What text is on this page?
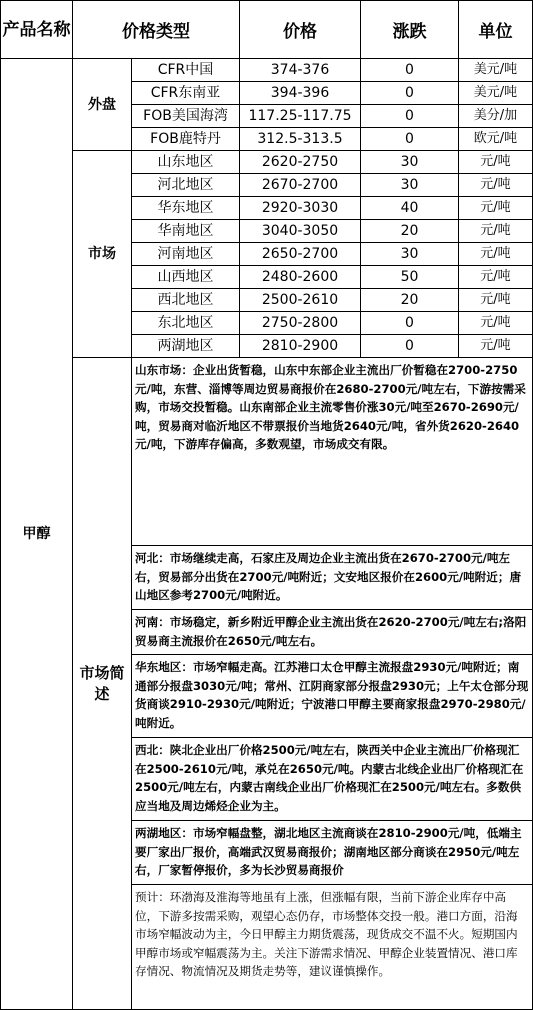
产品名称	价格类型		价格	涨跌	单位
甲醇	外盘	CFR中国	374-376	0	美元/吨
		CFR东南亚	394-396	0	美元/吨
		FOB美国海湾	117.25-117.75	0	美分/加
		FOB鹿特丹	312.5-313.5	0	欧元/吨
	市场	山东地区	2620-2750	30	元/吨
		河北地区	2670-2700	30	元/吨
		华东地区	2920-3030	40	元/吨
		华南地区	3040-3050	20	元/吨
		河南地区	2650-2700	30	元/吨
		山西地区	2480-2600	50	元/吨
		西北地区	2500-2610	20	元/吨
		东北地区	2750-2800	0	元/吨
		两湖地区	2810-2900	0	元/吨
	市场简述	山东市场：企业出货暂稳，山东中东部企业主流出厂价暂稳在2700-2750元/吨，东营、淄博等周边贸易商报价在2680-2700元/吨左右，下游按需采购，市场交投暂稳。山东南部企业主流零售价涨30元/吨至2670-2690元/吨，贸易商对临沂地区不带票报价当地货2640元/吨，省外货2620-2640元/吨，下游库存偏高，多数观望，市场成交有限。			
		河北：市场继续走高，石家庄及周边企业主流出货在2670-2700元/吨左右，贸易部分出货在2700元/吨附近；文安地区报价在2600元/吨附近；唐山地区参考2700元/吨附近。			
		河南：市场稳定，新乡附近甲醇企业主流出货在2620-2700元/吨左右;洛阳贸易商主流报价在2650元/吨左右。			
		华东地区：市场窄幅走高。江苏港口太仓甲醇主流报盘2930元/吨附近；南通部分报盘3030元/吨；常州、江阴商家部分报盘2930元；上午太仓部分现货商谈2910-2930元/吨附近；宁波港口甲醇主要商家报盘2970-2980元/吨附近。			
		西北：陕北企业出厂价格2500元/吨左右，陕西关中企业主流出厂价格现汇在2500-2610元/吨，承兑在2650元/吨。内蒙古北线企业出厂价格现汇在2500元/吨左右，内蒙古南线企业出厂价格现汇在2500元/吨左右。多数供应当地及周边烯烃企业为主。			
		两湖地区：市场窄幅盘整，湖北地区主流商谈在2810-2900元/吨，低端主要厂家出厂报价，高端武汉贸易商报价；湖南地区部分商谈在2950元/吨左右，厂家暂停报价，多为长沙贸易商报价			
		预计：环渤海及淮海等地虽有上涨，但涨幅有限，当前下游企业库存中高位，下游多按需采购，观望心态仍存，市场整体交投一般。港口方面，沿海市场窄幅波动为主，今日甲醇主力期货震荡，现货成交不温不火。短期国内甲醇市场或窄幅震荡为主。关注下游需求情况、甲醇企业装置情况、港口库存情况、物流情况及期货走势等，建议谨慎操作。			
